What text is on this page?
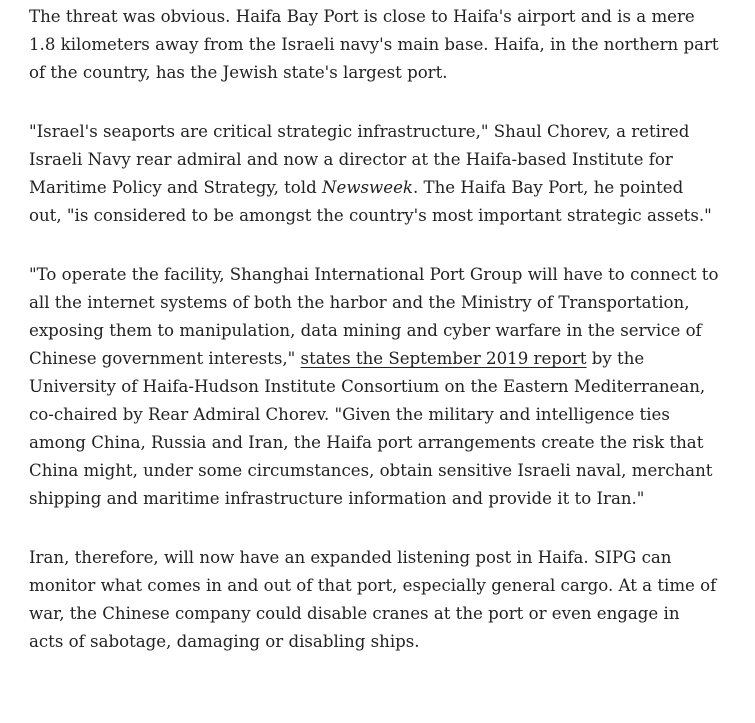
The threat was obvious. Haifa Bay Port is close to Haifa's airport and is a mere 1.8 kilometers away from the Israeli navy's main base. Haifa, in the northern part of the country, has the Jewish state's largest port.

"Israel's seaports are critical strategic infrastructure," Shaul Chorev, a retired Israeli Navy rear admiral and now a director at the Haifa-based Institute for Maritime Policy and Strategy, told Newsweek. The Haifa Bay Port, he pointed out, "is considered to be amongst the country's most important strategic assets."

"To operate the facility, Shanghai International Port Group will have to connect to all the internet systems of both the harbor and the Ministry of Transportation, exposing them to manipulation, data mining and cyber warfare in the service of Chinese government interests," states the September 2019 report by the University of Haifa-Hudson Institute Consortium on the Eastern Mediterranean, co-chaired by Rear Admiral Chorev. "Given the military and intelligence ties among China, Russia and Iran, the Haifa port arrangements create the risk that China might, under some circumstances, obtain sensitive Israeli naval, merchant shipping and maritime infrastructure information and provide it to Iran."

Iran, therefore, will now have an expanded listening post in Haifa. SIPG can monitor what comes in and out of that port, especially general cargo. At a time of war, the Chinese company could disable cranes at the port or even engage in acts of sabotage, damaging or disabling ships.
